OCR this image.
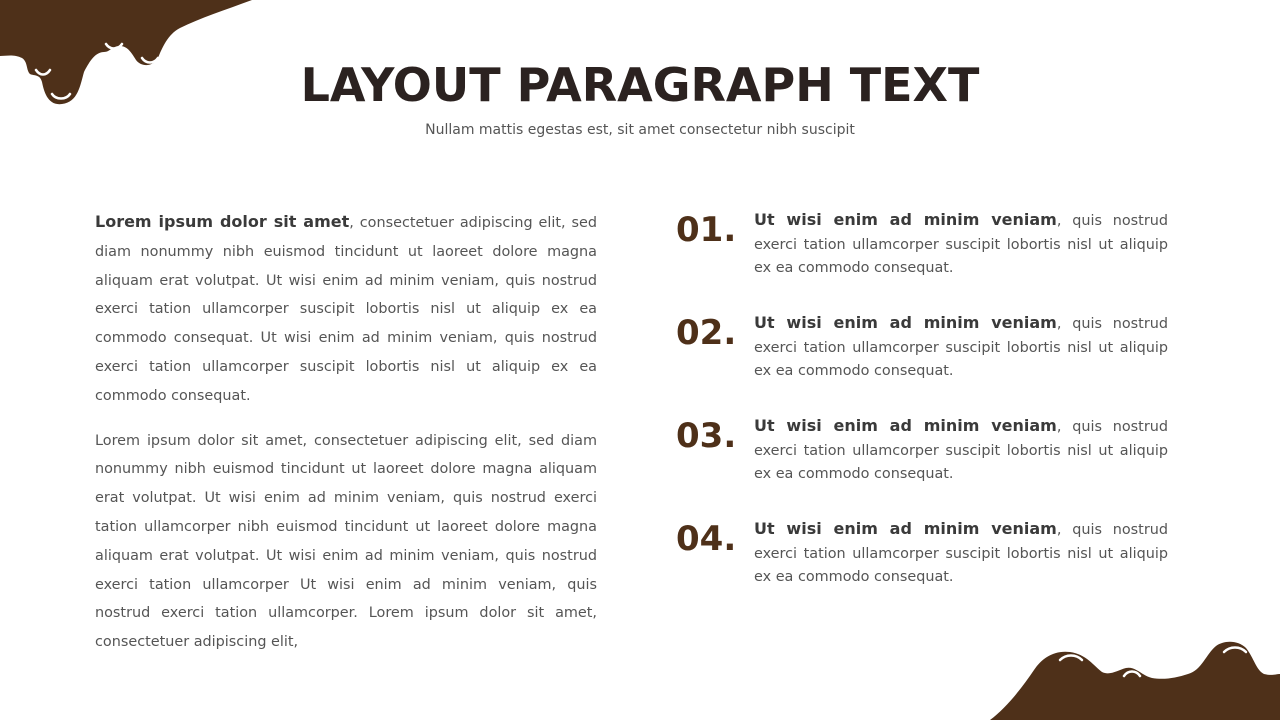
LAYOUT PARAGRAPH TEXT
Nullam mattis egestas est, sit amet consectetur nibh suscipit

Lorem ipsum dolor sit amet, consectetuer adipiscing elit, sed diam nonummy nibh euismod tincidunt ut laoreet dolore magna aliquam erat volutpat. Ut wisi enim ad minim veniam, quis nostrud exerci tation ullamcorper suscipit lobortis nisl ut aliquip ex ea commodo consequat. Ut wisi enim ad minim veniam, quis nostrud exerci tation ullamcorper suscipit lobortis nisl ut aliquip ex ea commodo consequat.

Lorem ipsum dolor sit amet, consectetuer adipiscing elit, sed diam nonummy nibh euismod tincidunt ut laoreet dolore magna aliquam erat volutpat. Ut wisi enim ad minim veniam, quis nostrud exerci tation ullamcorper nibh euismod tincidunt ut laoreet dolore magna aliquam erat volutpat. Ut wisi enim ad minim veniam, quis nostrud exerci tation ullamcorper Ut wisi enim ad minim veniam, quis nostrud exerci tation ullamcorper. Lorem ipsum dolor sit amet, consectetuer adipiscing elit,

01.	Ut wisi enim ad minim veniam, quis nostrud exerci tation ullamcorper suscipit lobortis nisl ut aliquip ex ea commodo consequat.
02.	Ut wisi enim ad minim veniam, quis nostrud exerci tation ullamcorper suscipit lobortis nisl ut aliquip ex ea commodo consequat.
03.	Ut wisi enim ad minim veniam, quis nostrud exerci tation ullamcorper suscipit lobortis nisl ut aliquip ex ea commodo consequat.
04.	Ut wisi enim ad minim veniam, quis nostrud exerci tation ullamcorper suscipit lobortis nisl ut aliquip ex ea commodo consequat.
